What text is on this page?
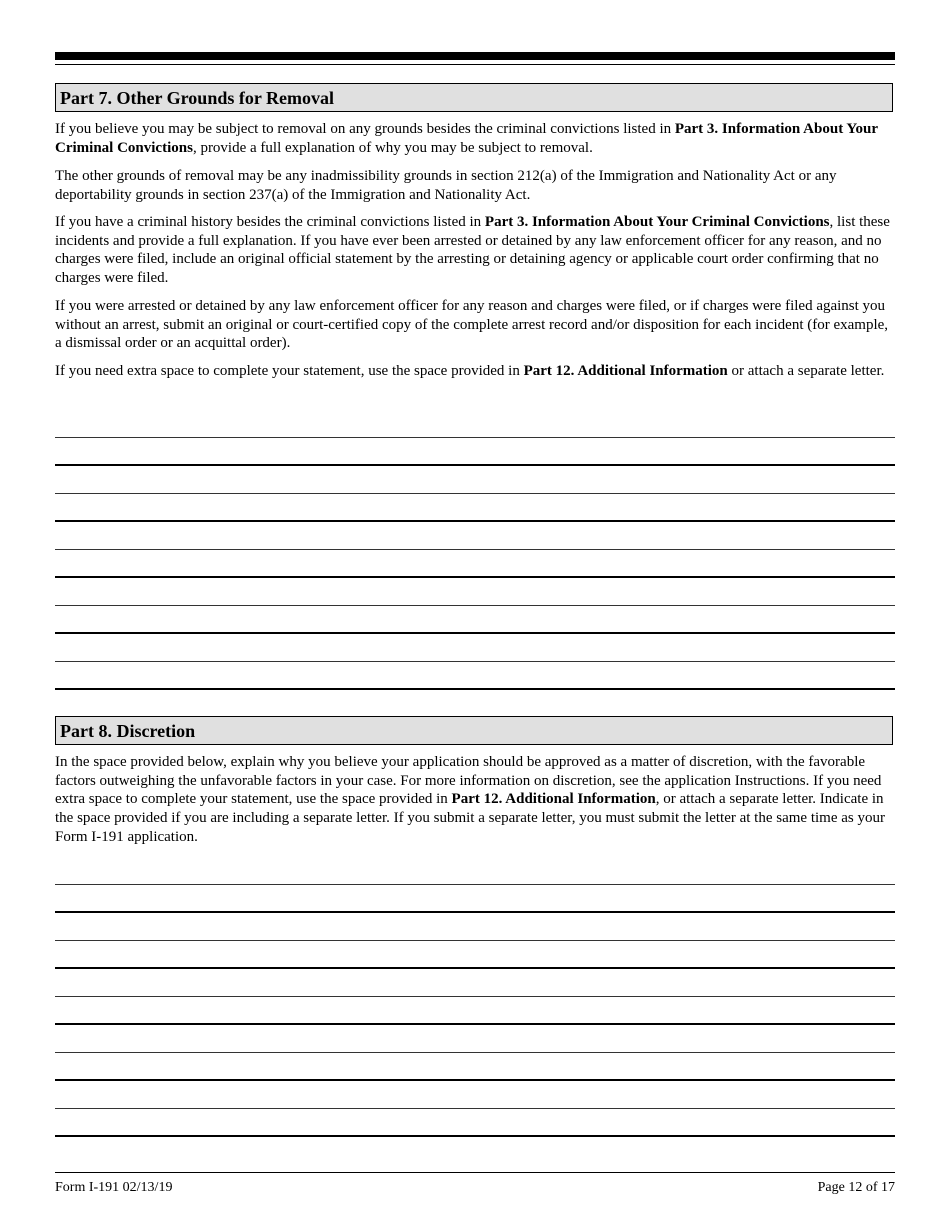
Part 7. Other Grounds for Removal

If you believe you may be subject to removal on any grounds besides the criminal convictions listed in Part 3. Information About Your Criminal Convictions, provide a full explanation of why you may be subject to removal.

The other grounds of removal may be any inadmissibility grounds in section 212(a) of the Immigration and Nationality Act or any deportability grounds in section 237(a) of the Immigration and Nationality Act.

If you have a criminal history besides the criminal convictions listed in Part 3. Information About Your Criminal Convictions, list these incidents and provide a full explanation. If you have ever been arrested or detained by any law enforcement officer for any reason, and no charges were filed, include an original official statement by the arresting or detaining agency or applicable court order confirming that no charges were filed.

If you were arrested or detained by any law enforcement officer for any reason and charges were filed, or if charges were filed against you without an arrest, submit an original or court-certified copy of the complete arrest record and/or disposition for each incident (for example, a dismissal order or an acquittal order).

If you need extra space to complete your statement, use the space provided in Part 12. Additional Information or attach a separate letter.

Part 8. Discretion

In the space provided below, explain why you believe your application should be approved as a matter of discretion, with the favorable factors outweighing the unfavorable factors in your case. For more information on discretion, see the application Instructions. If you need extra space to complete your statement, use the space provided in Part 12. Additional Information, or attach a separate letter. Indicate in the space provided if you are including a separate letter. If you submit a separate letter, you must submit the letter at the same time as your Form I-191 application.

Form I-191 02/13/19	Page 12 of 17
